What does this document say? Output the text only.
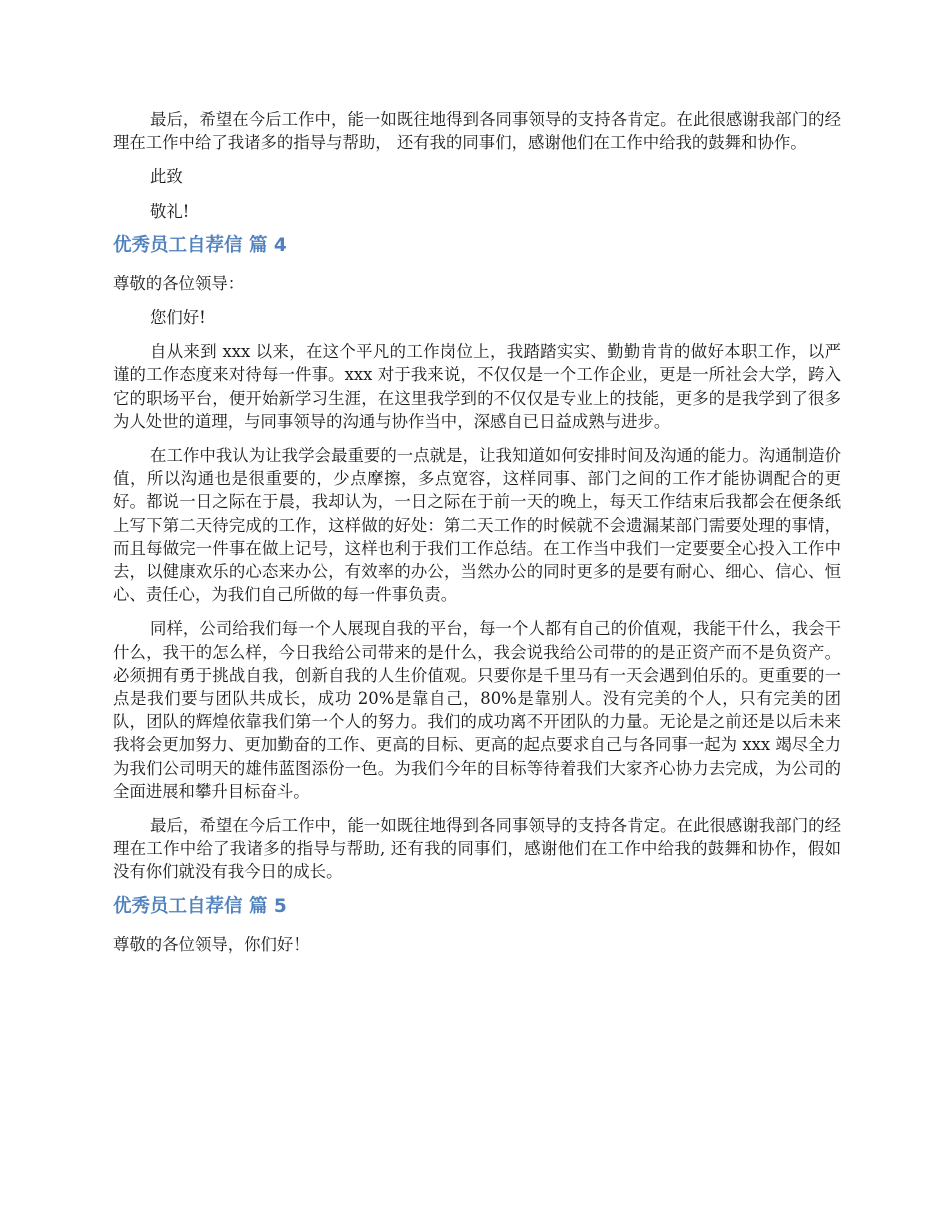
最后，希望在今后工作中，能一如既往地得到各同事领导的支持各肯定。在此很感谢我部门的经理在工作中给了我诸多的指导与帮助， 还有我的同事们，感谢他们在工作中给我的鼓舞和协作。

此致

敬礼!

优秀员工自荐信 篇 4

尊敬的各位领导：

您们好!

自从来到 xxx 以来，在这个平凡的工作岗位上，我踏踏实实、勤勤肯肯的做好本职工作，以严谨的工作态度来对待每一件事。xxx 对于我来说，不仅仅是一个工作企业，更是一所社会大学，跨入它的职场平台，便开始新学习生涯，在这里我学到的不仅仅是专业上的技能，更多的是我学到了很多为人处世的道理，与同事领导的沟通与协作当中，深感自已日益成熟与进步。

在工作中我认为让我学会最重要的一点就是，让我知道如何安排时间及沟通的能力。沟通制造价值，所以沟通也是很重要的，少点摩擦，多点宽容，这样同事、部门之间的工作才能协调配合的更好。都说一日之际在于晨，我却认为，一日之际在于前一天的晚上，每天工作结束后我都会在便条纸上写下第二天待完成的工作，这样做的好处：第二天工作的时候就不会遗漏某部门需要处理的事情，而且每做完一件事在做上记号，这样也利于我们工作总结。在工作当中我们一定要要全心投入工作中去，以健康欢乐的心态来办公，有效率的办公，当然办公的同时更多的是要有耐心、细心、信心、恒心、责任心，为我们自己所做的每一件事负责。

同样，公司给我们每一个人展现自我的平台，每一个人都有自己的价值观，我能干什么，我会干什么，我干的怎么样，今日我给公司带来的是什么，我会说我给公司带的的是正资产而不是负资产。必须拥有勇于挑战自我，创新自我的人生价值观。只要你是千里马有一天会遇到伯乐的。更重要的一点是我们要与团队共成长，成功 20%是靠自己，80%是靠别人。没有完美的个人，只有完美的团队，团队的辉煌依靠我们第一个人的努力。我们的成功离不开团队的力量。无论是之前还是以后未来我将会更加努力、更加勤奋的工作、更高的目标、更高的起点要求自己与各同事一起为 xxx 竭尽全力为我们公司明天的雄伟蓝图添份一色。为我们今年的目标等待着我们大家齐心协力去完成，为公司的全面进展和攀升目标奋斗。

最后，希望在今后工作中，能一如既往地得到各同事领导的支持各肯定。在此很感谢我部门的经理在工作中给了我诸多的指导与帮助, 还有我的同事们，感谢他们在工作中给我的鼓舞和协作，假如没有你们就没有我今日的成长。

优秀员工自荐信 篇 5

尊敬的各位领导，你们好！
